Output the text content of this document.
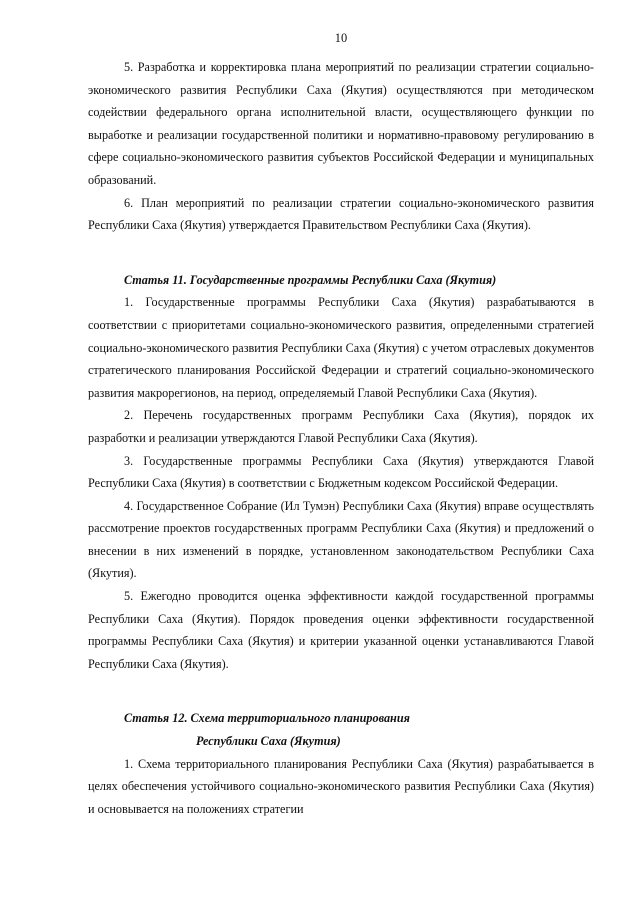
10

5. Разработка и корректировка плана мероприятий по реализации стратегии социально-экономического развития Республики Саха (Якутия) осуществляются при методическом содействии федерального органа исполнительной власти, осуществляющего функции по выработке и реализации государственной политики и нормативно-правовому регулированию в сфере социально-экономического развития субъектов Российской Федерации и муниципальных образований.

6. План мероприятий по реализации стратегии социально-экономического развития Республики Саха (Якутия) утверждается Правительством Республики Саха (Якутия).

Статья 11. Государственные программы Республики Саха (Якутия)

1. Государственные программы Республики Саха (Якутия) разрабатываются в соответствии с приоритетами социально-экономического развития, определенными стратегией социально-экономического развития Республики Саха (Якутия) с учетом отраслевых документов стратегического планирования Российской Федерации и стратегий социально-экономического развития макрорегионов, на период, определяемый Главой Республики Саха (Якутия).

2. Перечень государственных программ Республики Саха (Якутия), порядок их разработки и реализации утверждаются Главой Республики Саха (Якутия).

3. Государственные программы Республики Саха (Якутия) утверждаются Главой Республики Саха (Якутия) в соответствии с Бюджетным кодексом Российской Федерации.

4. Государственное Собрание (Ил Тумэн) Республики Саха (Якутия) вправе осуществлять рассмотрение проектов государственных программ Республики Саха (Якутия) и предложений о внесении в них изменений в порядке, установленном законодательством Республики Саха (Якутия).

5. Ежегодно проводится оценка эффективности каждой государственной программы Республики Саха (Якутия). Порядок проведения оценки эффективности государственной программы Республики Саха (Якутия) и критерии указанной оценки устанавливаются Главой Республики Саха (Якутия).

Статья 12. Схема территориального планирования
Республики Саха (Якутия)

1. Схема территориального планирования Республики Саха (Якутия) разрабатывается в целях обеспечения устойчивого социально-экономического развития Республики Саха (Якутия) и основывается на положениях стратегии
